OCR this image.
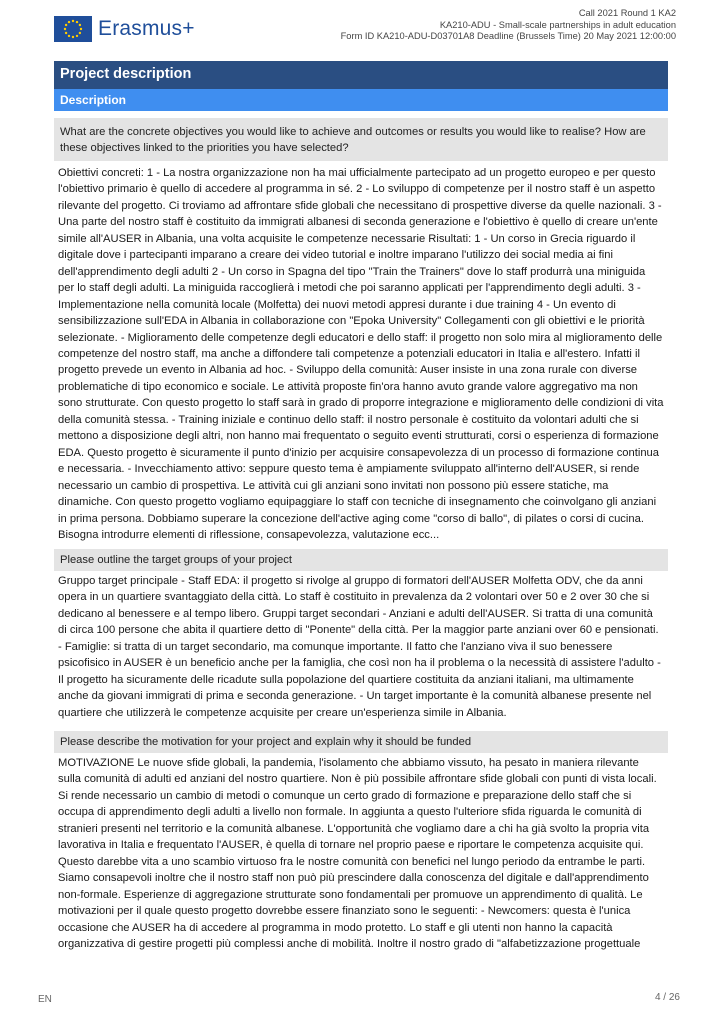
Erasmus+
Call 2021 Round 1 KA2
KA210-ADU - Small-scale partnerships in adult education
Form ID KA210-ADU-D03701A8 Deadline (Brussels Time) 20 May 2021 12:00:00
Project description
Description
What are the concrete objectives you would like to achieve and outcomes or results you would like to realise? How are these objectives linked to the priorities you have selected?
Obiettivi concreti: 1 - La nostra organizzazione non ha mai ufficialmente partecipato ad un progetto europeo e per questo l'obiettivo primario è quello di accedere al programma in sé. 2 - Lo sviluppo di competenze per il nostro staff è un aspetto rilevante del progetto. Ci troviamo ad affrontare sfide globali che necessitano di prospettive diverse da quelle nazionali. 3 - Una parte del nostro staff è costituito da immigrati albanesi di seconda generazione e l'obiettivo è quello di creare un'ente simile all'AUSER in Albania, una volta acquisite le competenze necessarie Risultati: 1 - Un corso in Grecia riguardo il digitale dove i partecipanti imparano a creare dei video tutorial e inoltre imparano l'utilizzo dei social media ai fini dell'apprendimento degli adulti 2 - Un corso in Spagna del tipo "Train the Trainers" dove lo staff produrrà una miniguida per lo staff degli adulti. La miniguida raccoglierà i metodi che poi saranno applicati per l'apprendimento degli adulti. 3 - Implementazione nella comunità locale (Molfetta) dei nuovi metodi appresi durante i due training 4 - Un evento di sensibilizzazione sull'EDA in Albania in collaborazione con "Epoka University" Collegamenti con gli obiettivi e le priorità selezionate. - Miglioramento delle competenze degli educatori e dello staff: il progetto non solo mira al miglioramento delle competenze del nostro staff, ma anche a diffondere tali competenze a potenziali educatori in Italia e all'estero. Infatti il progetto prevede un evento in Albania ad hoc. - Sviluppo della comunità: Auser insiste in una zona rurale con diverse problematiche di tipo economico e sociale. Le attività proposte fin'ora hanno avuto grande valore aggregativo ma non sono strutturate. Con questo progetto lo staff sarà in grado di proporre integrazione e miglioramento delle condizioni di vita della comunità stessa. - Training iniziale e continuo dello staff: il nostro personale è costituito da volontari adulti che si mettono a disposizione degli altri, non hanno mai frequentato o seguito eventi strutturati, corsi o esperienza di formazione EDA. Questo progetto è sicuramente il punto d'inizio per acquisire consapevolezza di un processo di formazione continua e necessaria. - Invecchiamento attivo: seppure questo tema è ampiamente sviluppato all'interno dell'AUSER, si rende necessario un cambio di prospettiva. Le attività cui gli anziani sono invitati non possono più essere statiche, ma dinamiche. Con questo progetto vogliamo equipaggiare lo staff con tecniche di insegnamento che coinvolgano gli anziani in prima persona. Dobbiamo superare la concezione dell'active aging come "corso di ballo", di pilates o corsi di cucina. Bisogna introdurre elementi di riflessione, consapevolezza, valutazione ecc...
Please outline the target groups of your project
Gruppo target principale - Staff EDA: il progetto si rivolge al gruppo di formatori dell'AUSER Molfetta ODV, che da anni opera in un quartiere svantaggiato della città. Lo staff è costituito in prevalenza da 2 volontari over 50 e 2 over 30 che si dedicano al benessere e al tempo libero. Gruppi target secondari - Anziani e adulti dell'AUSER. Si tratta di una comunità di circa 100 persone che abita il quartiere detto di "Ponente" della città. Per la maggior parte anziani over 60 e pensionati. - Famiglie: si tratta di un target secondario, ma comunque importante. Il fatto che l'anziano viva il suo benessere psicofisico in AUSER è un beneficio anche per la famiglia, che così non ha il problema o la necessità di assistere l'adulto - Il progetto ha sicuramente delle ricadute sulla popolazione del quartiere costituita da anziani italiani, ma ultimamente anche da giovani immigrati di prima e seconda generazione. - Un target importante è la comunità albanese presente nel quartiere che utilizzerà le competenze acquisite per creare un'esperienza simile in Albania.
Please describe the motivation for your project and explain why it should be funded
MOTIVAZIONE Le nuove sfide globali, la pandemia, l'isolamento che abbiamo vissuto, ha pesato in maniera rilevante sulla comunità di adulti ed anziani del nostro quartiere. Non è più possibile affrontare sfide globali con punti di vista locali. Si rende necessario un cambio di metodi o comunque un certo grado di formazione e preparazione dello staff che si occupa di apprendimento degli adulti a livello non formale. In aggiunta a questo l'ulteriore sfida riguarda le comunità di stranieri presenti nel territorio e la comunità albanese. L'opportunità che vogliamo dare a chi ha già svolto la propria vita lavorativa in Italia e frequentato l'AUSER, è quella di tornare nel proprio paese e riportare le competenza acquisite qui. Questo darebbe vita a uno scambio virtuoso fra le nostre comunità con benefici nel lungo periodo da entrambe le parti. Siamo consapevoli inoltre che il nostro staff non può più prescindere dalla conoscenza del digitale e dall'apprendimento non-formale. Esperienze di aggregazione strutturate sono fondamentali per promuove un apprendimento di qualità. Le motivazioni per il quale questo progetto dovrebbe essere finanziato sono le seguenti: - Newcomers: questa è l'unica occasione che AUSER ha di accedere al programma in modo protetto. Lo staff e gli utenti non hanno la capacità organizzativa di gestire progetti più complessi anche di mobilità. Inoltre il nostro grado di "alfabetizzazione progettuale
EN	4 / 26
